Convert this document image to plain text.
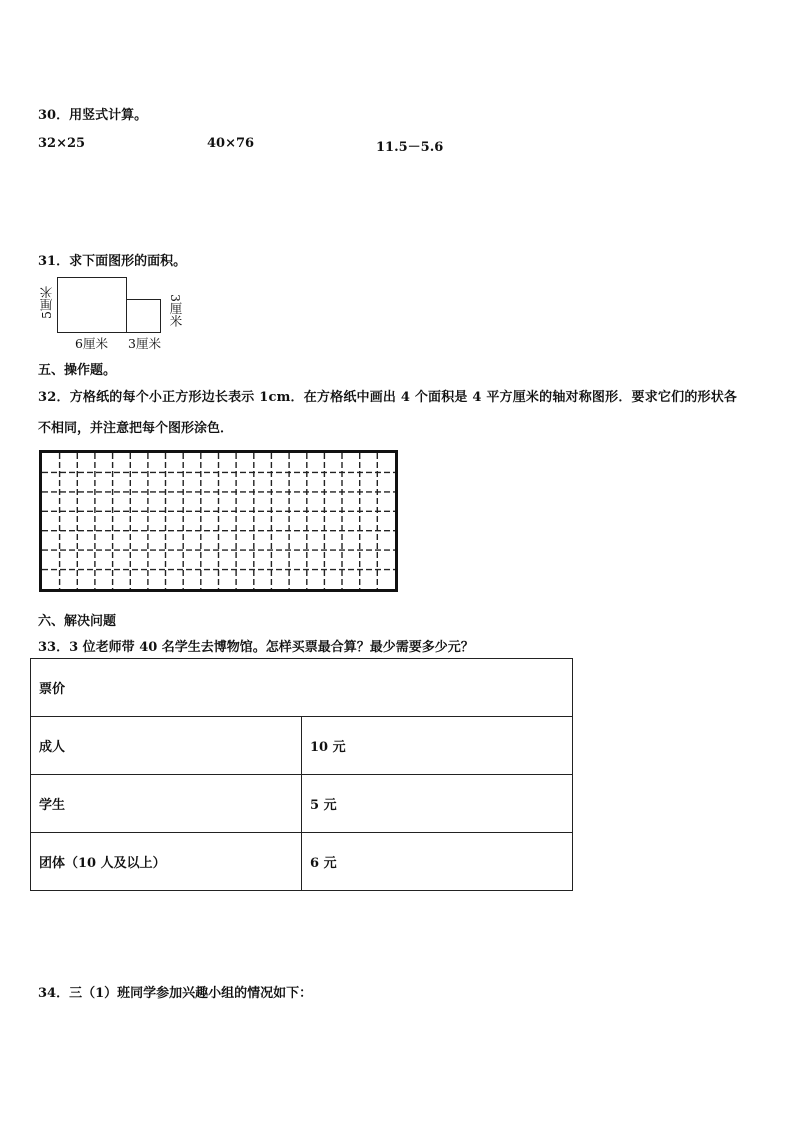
30．用竖式计算。
32×25	40×76	11.5－5.6
31．求下面图形的面积。
5厘米	3厘米
6厘米 3厘米
五、操作题。
32．方格纸的每个小正方形边长表示 1cm．在方格纸中画出 4 个面积是 4 平方厘米的轴对称图形．要求它们的形状各
不相同，并注意把每个图形涂色．
六、解决问题
33．3 位老师带 40 名学生去博物馆。怎样买票最合算？最少需要多少元？
票价	
成人	10 元
学生	5 元
团体（10 人及以上）	6 元
34．三（1）班同学参加兴趣小组的情况如下：
